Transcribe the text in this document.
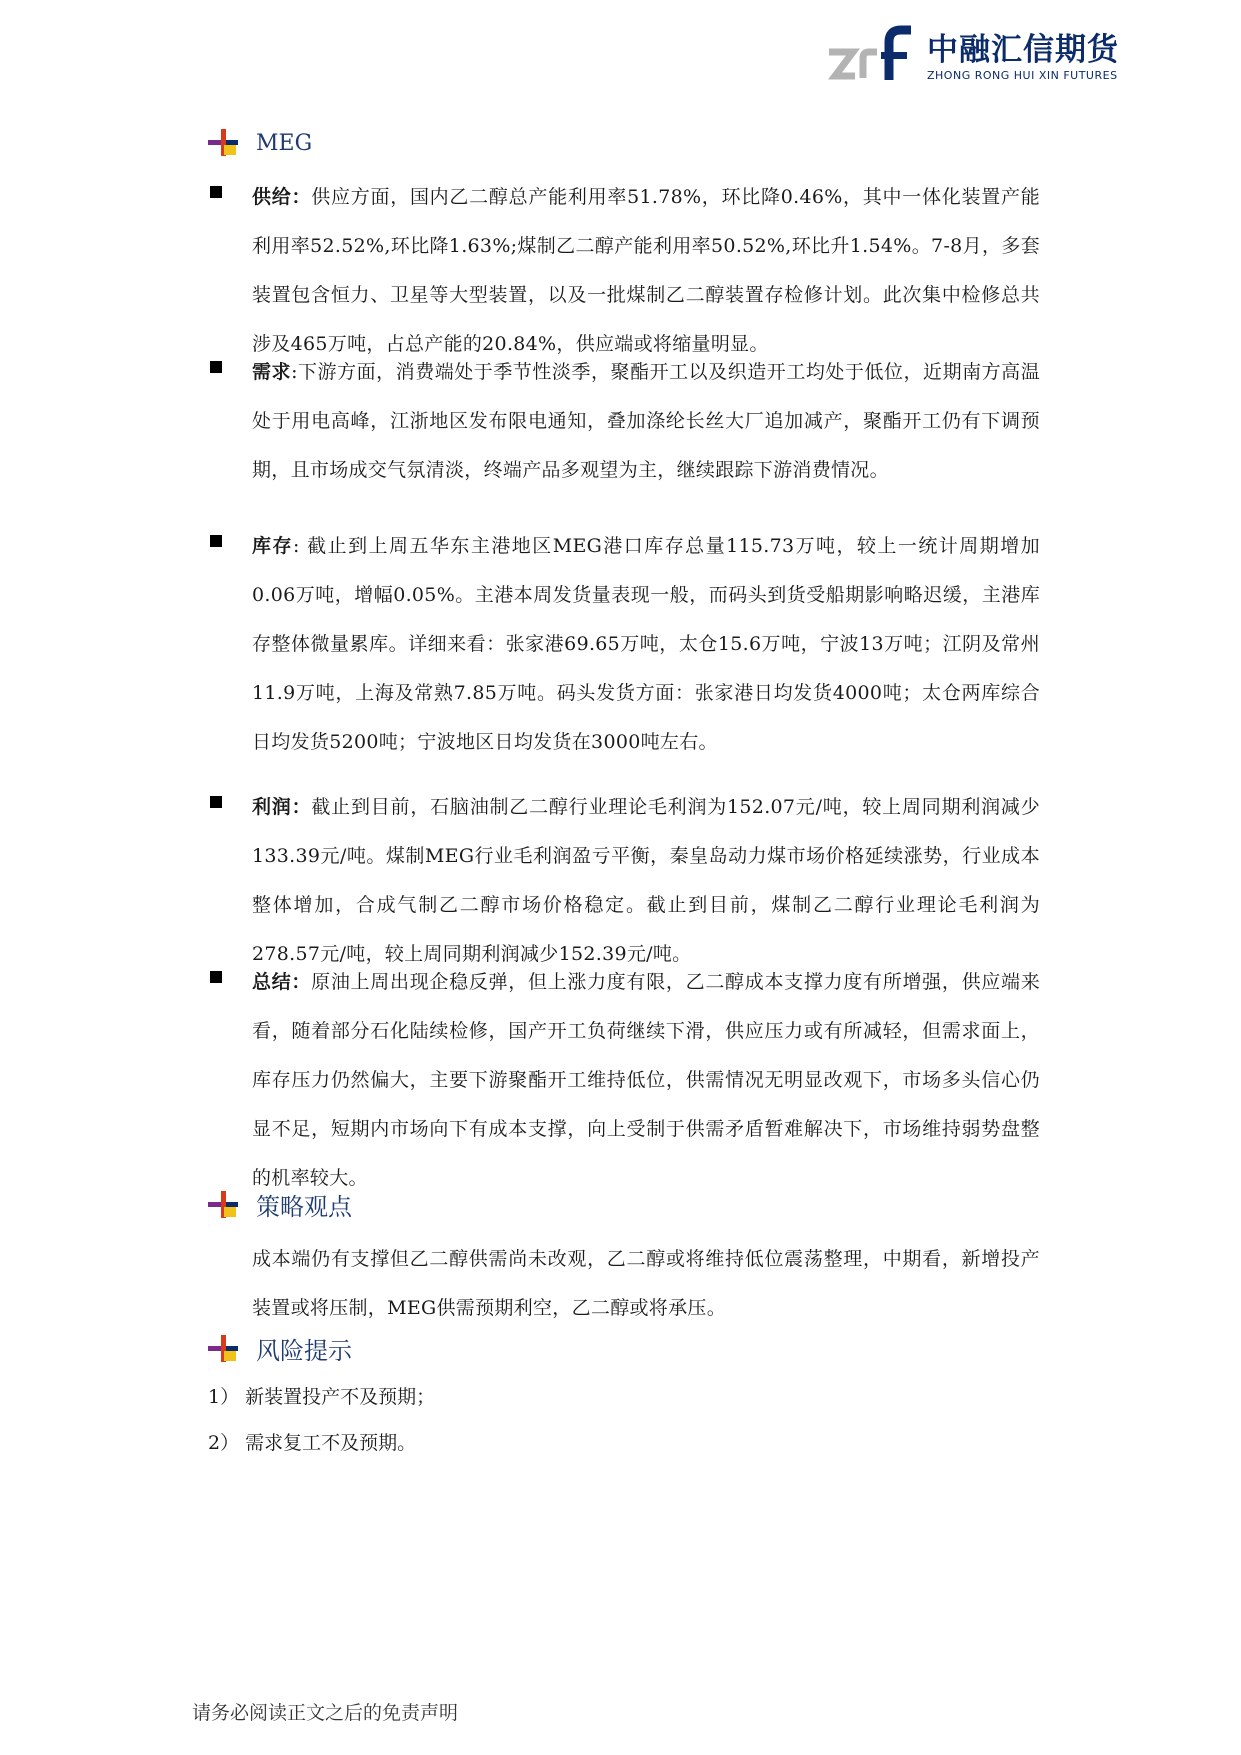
中融汇信期货
ZHONG RONG HUI XIN FUTURES
MEG
供给：供应方面，国内乙二醇总产能利用率51.78%，环比降0.46%，其中一体化装置产能利用率52.52%,环比降1.63%;煤制乙二醇产能利用率50.52%,环比升1.54%。7-8月，多套装置包含恒力、卫星等大型装置，以及一批煤制乙二醇装置存检修计划。此次集中检修总共涉及465万吨，占总产能的20.84%，供应端或将缩量明显。
需求:下游方面，消费端处于季节性淡季，聚酯开工以及织造开工均处于低位，近期南方高温处于用电高峰，江浙地区发布限电通知，叠加涤纶长丝大厂追加减产，聚酯开工仍有下调预期，且市场成交气氛清淡，终端产品多观望为主，继续跟踪下游消费情况。
库存: 截止到上周五华东主港地区MEG港口库存总量115.73万吨，较上一统计周期增加0.06万吨，增幅0.05%。主港本周发货量表现一般，而码头到货受船期影响略迟缓，主港库存整体微量累库。详细来看：张家港69.65万吨，太仓15.6万吨，宁波13万吨；江阴及常州11.9万吨，上海及常熟7.85万吨。码头发货方面：张家港日均发货4000吨；太仓两库综合日均发货5200吨；宁波地区日均发货在3000吨左右。
利润：截止到目前，石脑油制乙二醇行业理论毛利润为152.07元/吨，较上周同期利润减少133.39元/吨。煤制MEG行业毛利润盈亏平衡，秦皇岛动力煤市场价格延续涨势，行业成本整体增加，合成气制乙二醇市场价格稳定。截止到目前，煤制乙二醇行业理论毛利润为278.57元/吨，较上周同期利润减少152.39元/吨。
总结：原油上周出现企稳反弹，但上涨力度有限，乙二醇成本支撑力度有所增强，供应端来看，随着部分石化陆续检修，国产开工负荷继续下滑，供应压力或有所减轻，但需求面上，库存压力仍然偏大，主要下游聚酯开工维持低位，供需情况无明显改观下，市场多头信心仍显不足，短期内市场向下有成本支撑，向上受制于供需矛盾暂难解决下，市场维持弱势盘整的机率较大。
策略观点
成本端仍有支撑但乙二醇供需尚未改观，乙二醇或将维持低位震荡整理，中期看，新增投产装置或将压制，MEG供需预期利空，乙二醇或将承压。
风险提示
1） 新装置投产不及预期；
2） 需求复工不及预期。
请务必阅读正文之后的免责声明
